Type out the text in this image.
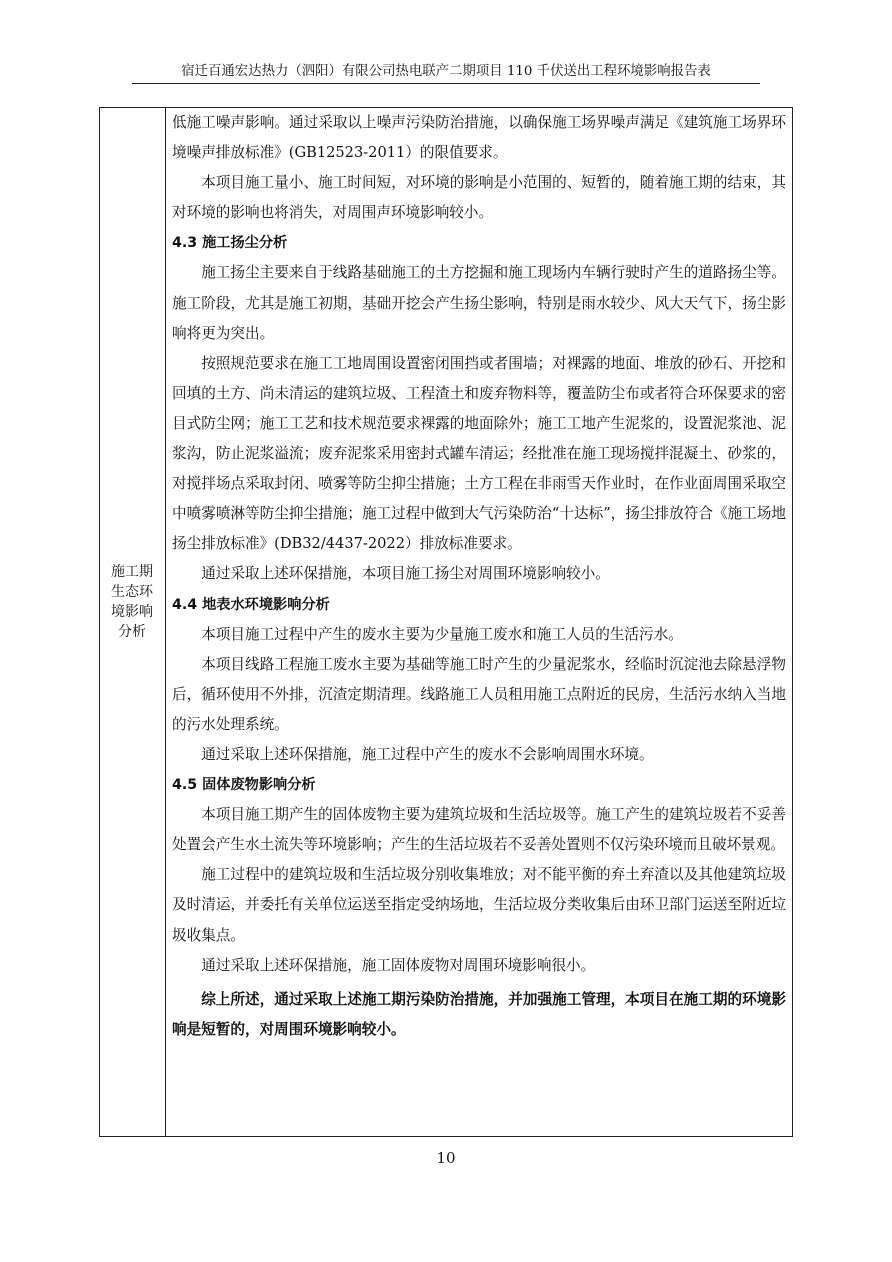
宿迁百通宏达热力（泗阳）有限公司热电联产二期项目 110 千伏送出工程环境影响报告表
施工期
生态环
境影响
分析

低施工噪声影响。通过采取以上噪声污染防治措施，以确保施工场界噪声满足《建筑施工场界环境噪声排放标准》(GB12523-2011）的限值要求。

本项目施工量小、施工时间短，对环境的影响是小范围的、短暂的，随着施工期的结束，其对环境的影响也将消失，对周围声环境影响较小。

4.3 施工扬尘分析

施工扬尘主要来自于线路基础施工的土方挖掘和施工现场内车辆行驶时产生的道路扬尘等。施工阶段，尤其是施工初期，基础开挖会产生扬尘影响，特别是雨水较少、风大天气下，扬尘影响将更为突出。

按照规范要求在施工工地周围设置密闭围挡或者围墙；对裸露的地面、堆放的砂石、开挖和回填的土方、尚未清运的建筑垃圾、工程渣土和废弃物料等，覆盖防尘布或者符合环保要求的密目式防尘网；施工工艺和技术规范要求裸露的地面除外；施工工地产生泥浆的，设置泥浆池、泥浆沟，防止泥浆溢流；废弃泥浆采用密封式罐车清运；经批准在施工现场搅拌混凝土、砂浆的，对搅拌场点采取封闭、喷雾等防尘抑尘措施；土方工程在非雨雪天作业时，在作业面周围采取空中喷雾喷淋等防尘抑尘措施；施工过程中做到大气污染防治“十达标”，扬尘排放符合《施工场地扬尘排放标准》(DB32/4437-2022）排放标准要求。

通过采取上述环保措施，本项目施工扬尘对周围环境影响较小。

4.4 地表水环境影响分析

本项目施工过程中产生的废水主要为少量施工废水和施工人员的生活污水。

本项目线路工程施工废水主要为基础等施工时产生的少量泥浆水，经临时沉淀池去除悬浮物后，循环使用不外排，沉渣定期清理。线路施工人员租用施工点附近的民房，生活污水纳入当地的污水处理系统。

通过采取上述环保措施，施工过程中产生的废水不会影响周围水环境。

4.5 固体废物影响分析

本项目施工期产生的固体废物主要为建筑垃圾和生活垃圾等。施工产生的建筑垃圾若不妥善处置会产生水土流失等环境影响；产生的生活垃圾若不妥善处置则不仅污染环境而且破坏景观。

施工过程中的建筑垃圾和生活垃圾分别收集堆放；对不能平衡的弃土弃渣以及其他建筑垃圾及时清运，并委托有关单位运送至指定受纳场地，生活垃圾分类收集后由环卫部门运送至附近垃圾收集点。

通过采取上述环保措施，施工固体废物对周围环境影响很小。

综上所述，通过采取上述施工期污染防治措施，并加强施工管理，本项目在施工期的环境影响是短暂的，对周围环境影响较小。

10
